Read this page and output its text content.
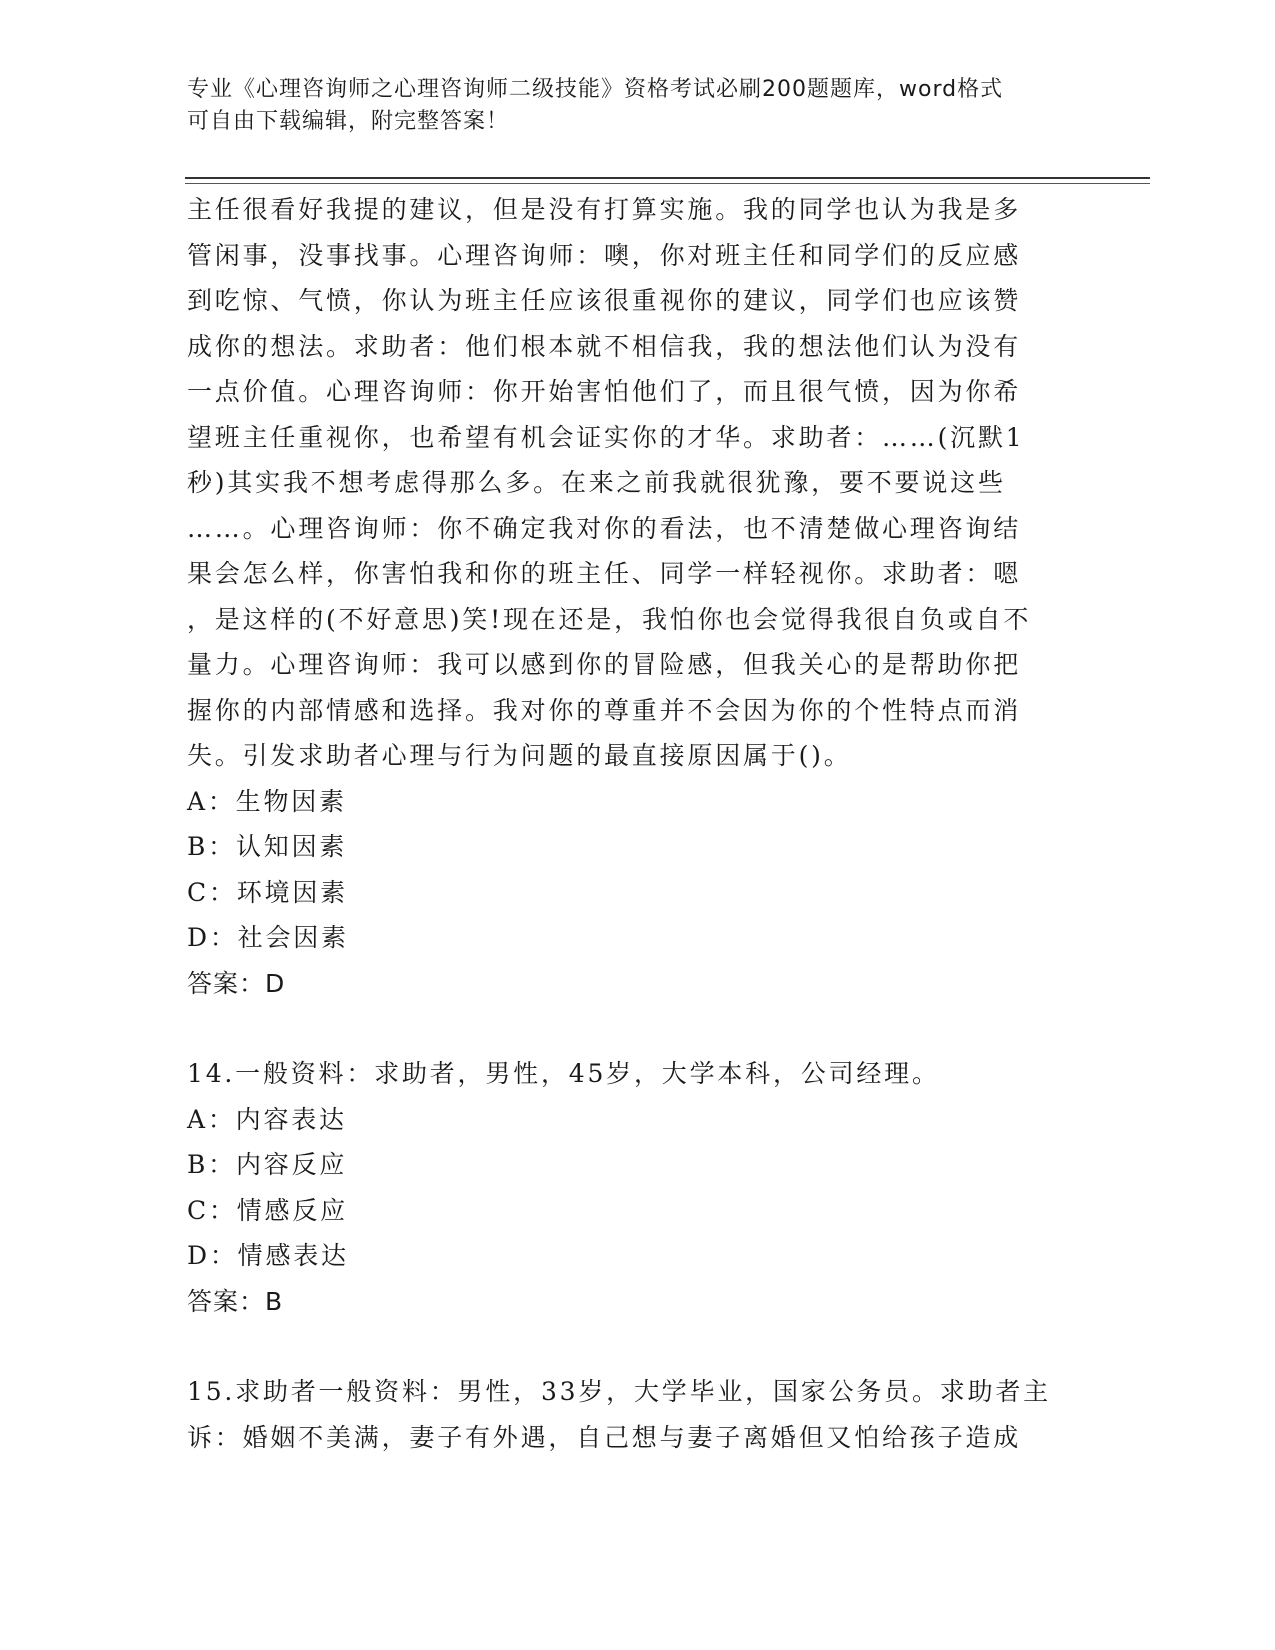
专业《心理咨询师之心理咨询师二级技能》资格考试必刷200题题库，word格式

可自由下载编辑，附完整答案！

主任很看好我提的建议，但是没有打算实施。我的同学也认为我是多
管闲事，没事找事。心理咨询师：噢，你对班主任和同学们的反应感
到吃惊、气愤，你认为班主任应该很重视你的建议，同学们也应该赞
成你的想法。求助者：他们根本就不相信我，我的想法他们认为没有
一点价值。心理咨询师：你开始害怕他们了，而且很气愤，因为你希
望班主任重视你，也希望有机会证实你的才华。求助者：……(沉默1
秒)其实我不想考虑得那么多。在来之前我就很犹豫，要不要说这些
……。心理咨询师：你不确定我对你的看法，也不清楚做心理咨询结
果会怎么样，你害怕我和你的班主任、同学一样轻视你。求助者：嗯
，是这样的(不好意思)笑!现在还是，我怕你也会觉得我很自负或自不
量力。心理咨询师：我可以感到你的冒险感，但我关心的是帮助你把
握你的内部情感和选择。我对你的尊重并不会因为你的个性特点而消
失。引发求助者心理与行为问题的最直接原因属于()。
A：生物因素
B：认知因素
C：环境因素
D：社会因素
答案：D
14.一般资料：求助者，男性，45岁，大学本科，公司经理。
A：内容表达
B：内容反应
C：情感反应
D：情感表达
答案：B
15.求助者一般资料：男性，33岁，大学毕业，国家公务员。求助者主
诉：婚姻不美满，妻子有外遇，自己想与妻子离婚但又怕给孩子造成
